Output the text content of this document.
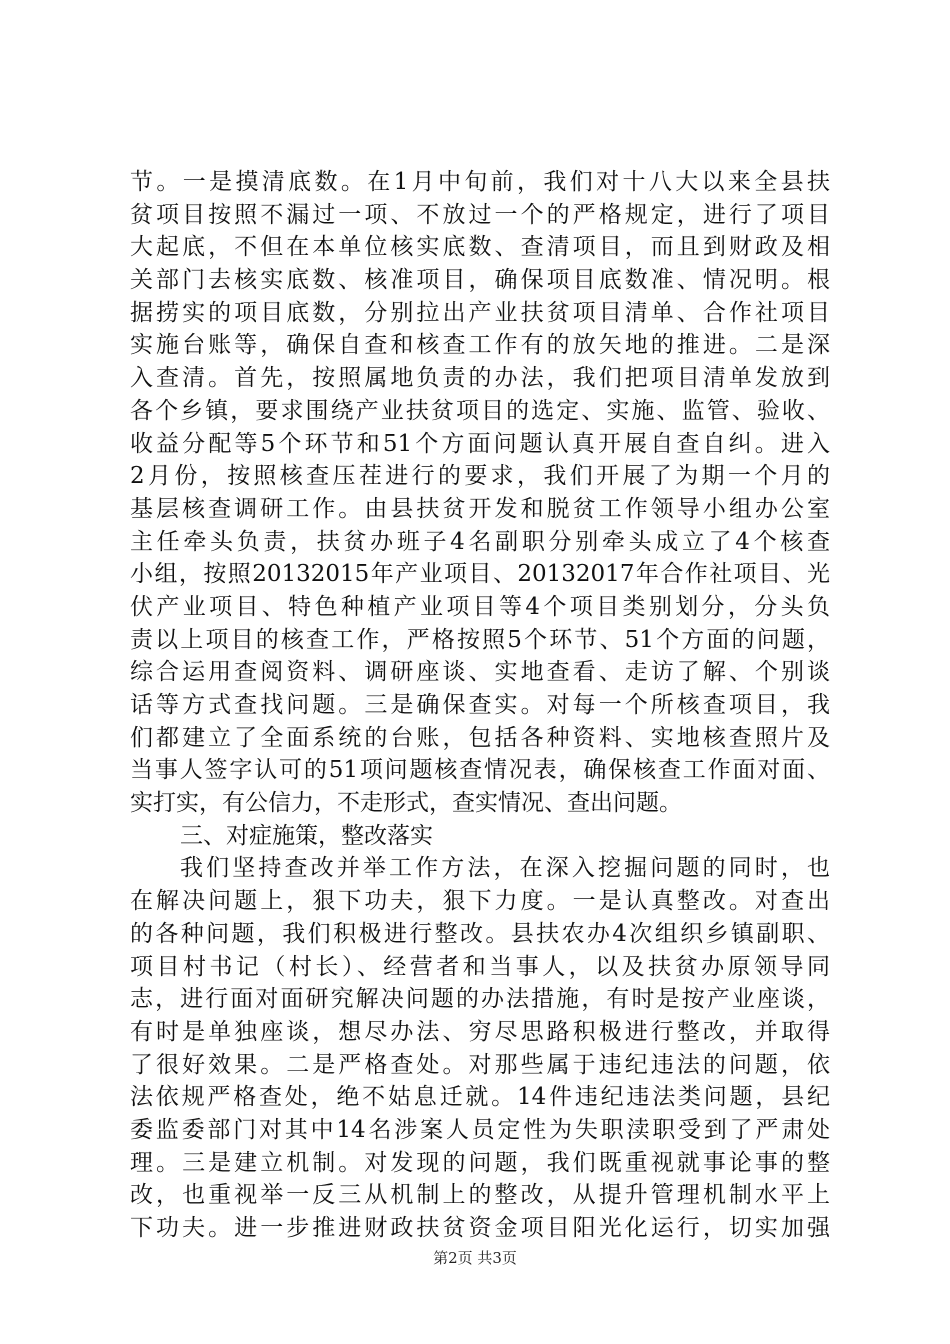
节。一是摸清底数。在1月中旬前，我们对十八大以来全县扶
贫项目按照不漏过一项、不放过一个的严格规定，进行了项目
大起底，不但在本单位核实底数、查清项目，而且到财政及相
关部门去核实底数、核准项目，确保项目底数准、情况明。根
据捞实的项目底数，分别拉出产业扶贫项目清单、合作社项目
实施台账等，确保自查和核查工作有的放矢地的推进。二是深
入查清。首先，按照属地负责的办法，我们把项目清单发放到
各个乡镇，要求围绕产业扶贫项目的选定、实施、监管、验收、
收益分配等5个环节和51个方面问题认真开展自查自纠。进入
2月份，按照核查压茬进行的要求，我们开展了为期一个月的
基层核查调研工作。由县扶贫开发和脱贫工作领导小组办公室
主任牵头负责，扶贫办班子4名副职分别牵头成立了4个核查
小组，按照20132015年产业项目、20132017年合作社项目、光
伏产业项目、特色种植产业项目等4个项目类别划分，分头负
责以上项目的核查工作，严格按照5个环节、51个方面的问题，
综合运用查阅资料、调研座谈、实地查看、走访了解、个别谈
话等方式查找问题。三是确保查实。对每一个所核查项目，我
们都建立了全面系统的台账，包括各种资料、实地核查照片及
当事人签字认可的51项问题核查情况表，确保核查工作面对面、
实打实，有公信力，不走形式，查实情况、查出问题。
三、对症施策，整改落实
我们坚持查改并举工作方法，在深入挖掘问题的同时，也
在解决问题上，狠下功夫，狠下力度。一是认真整改。对查出
的各种问题，我们积极进行整改。县扶农办4次组织乡镇副职、
项目村书记（村长）、经营者和当事人，以及扶贫办原领导同
志，进行面对面研究解决问题的办法措施，有时是按产业座谈，
有时是单独座谈，想尽办法、穷尽思路积极进行整改，并取得
了很好效果。二是严格查处。对那些属于违纪违法的问题，依
法依规严格查处，绝不姑息迁就。14件违纪违法类问题，县纪
委监委部门对其中14名涉案人员定性为失职渎职受到了严肃处
理。三是建立机制。对发现的问题，我们既重视就事论事的整
改，也重视举一反三从机制上的整改，从提升管理机制水平上
下功夫。进一步推进财政扶贫资金项目阳光化运行，切实加强
第2页 共3页
